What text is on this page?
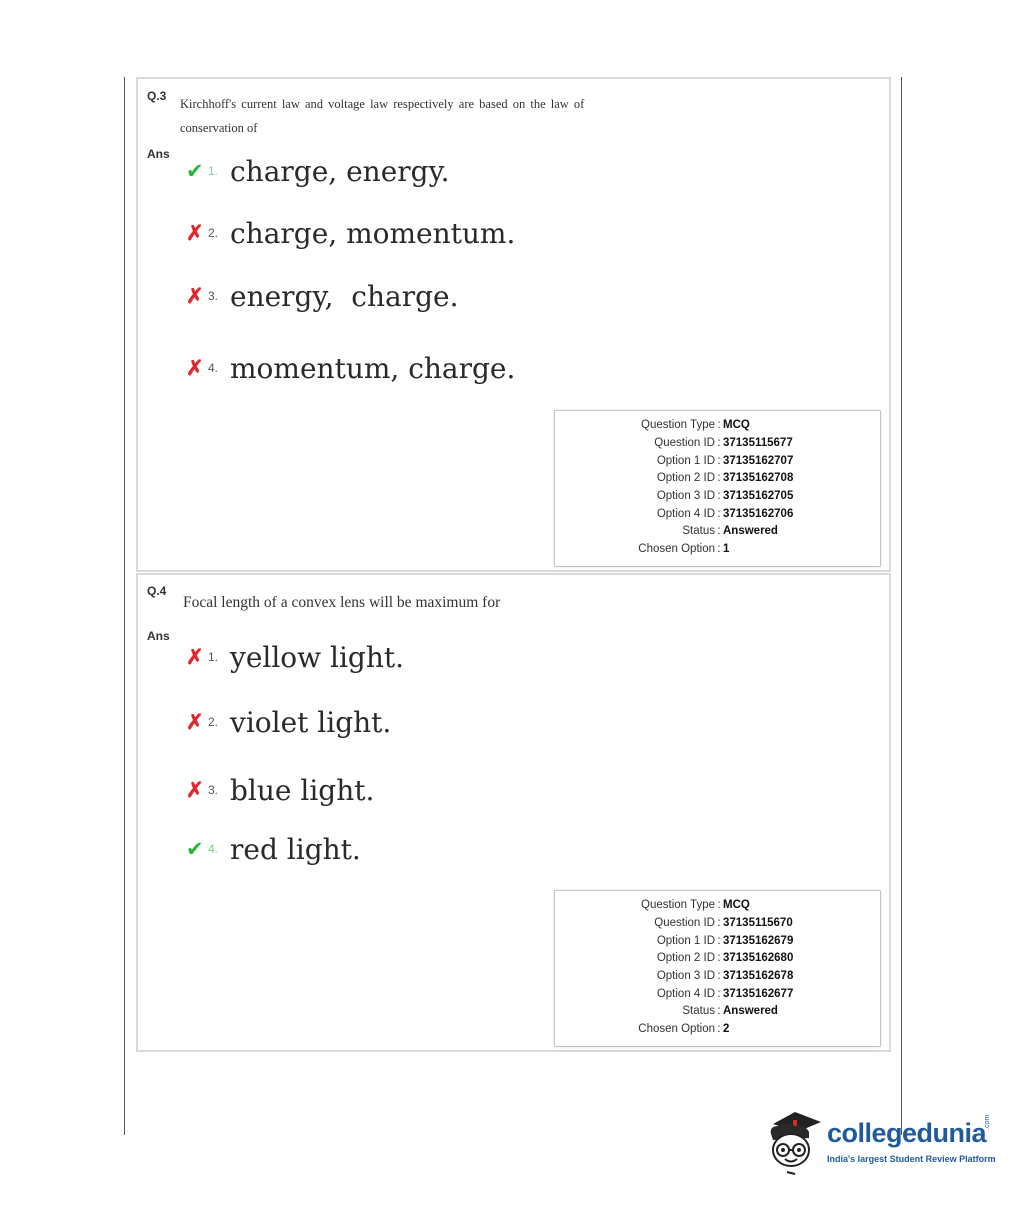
Q.3
Kirchhoff's current law and voltage law respectively are based on the law of
conservation of
Ans
✔ 1. charge, energy.
✗ 2. charge, momentum.
✗ 3. energy,  charge.
✗ 4. momentum, charge.
Question Type : MCQ
Question ID : 37135115677
Option 1 ID : 37135162707
Option 2 ID : 37135162708
Option 3 ID : 37135162705
Option 4 ID : 37135162706
Status : Answered
Chosen Option : 1
Q.4
Focal length of a convex lens will be maximum for
Ans
✗ 1. yellow light.
✗ 2. violet light.
✗ 3. blue light.
✔ 4. red light.
Question Type : MCQ
Question ID : 37135115670
Option 1 ID : 37135162679
Option 2 ID : 37135162680
Option 3 ID : 37135162678
Option 4 ID : 37135162677
Status : Answered
Chosen Option : 2
collegedunia
.com
India's largest Student Review Platform
